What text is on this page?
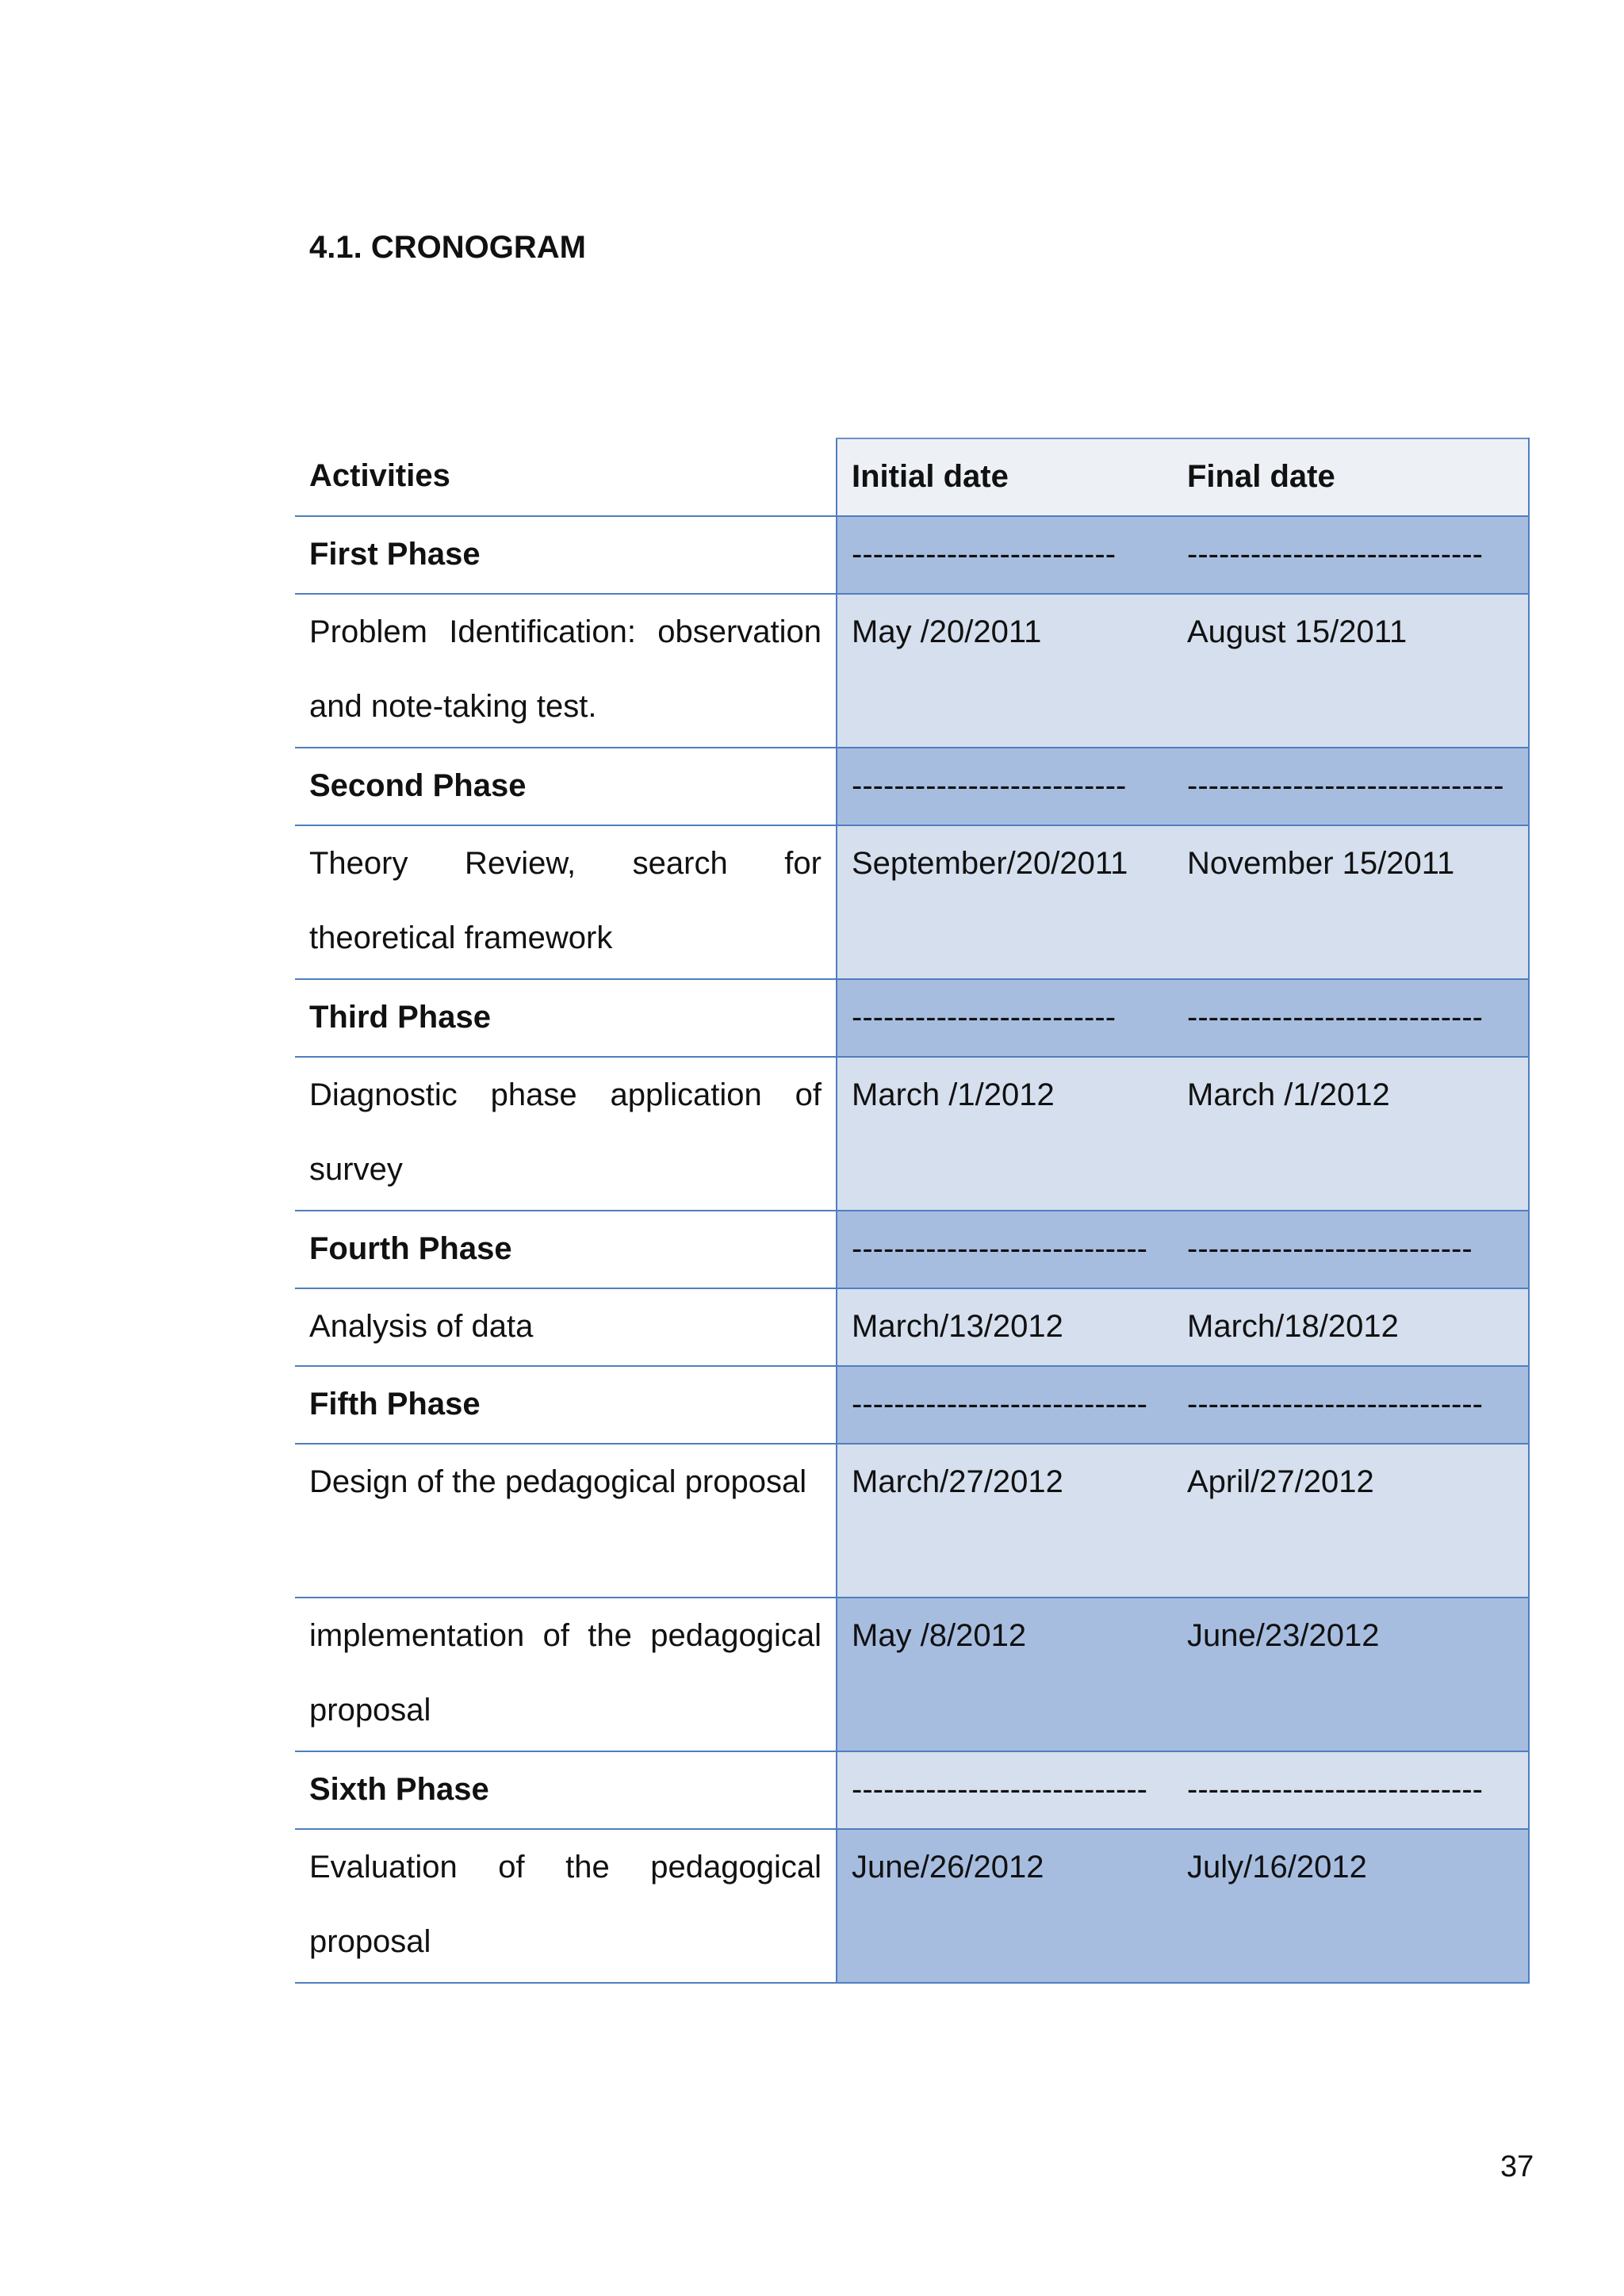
4.1. CRONOGRAM
Activities	Initial date	Final date
First Phase	-------------------------	----------------------------
Problem Identification: observation and note-taking test.	May /20/2011	August 15/2011
Second Phase	--------------------------	------------------------------
Theory Review, search for theoretical framework	September/20/2011	November 15/2011
Third Phase	-------------------------	----------------------------
Diagnostic phase application of survey	March /1/2012	March /1/2012
Fourth Phase	----------------------------	---------------------------
Analysis of data	March/13/2012	March/18/2012
Fifth Phase	----------------------------	----------------------------
Design of the pedagogical proposal	March/27/2012	April/27/2012
implementation of the pedagogical proposal	May /8/2012	June/23/2012
Sixth Phase	----------------------------	----------------------------
Evaluation of the pedagogical proposal	June/26/2012	July/16/2012
37
